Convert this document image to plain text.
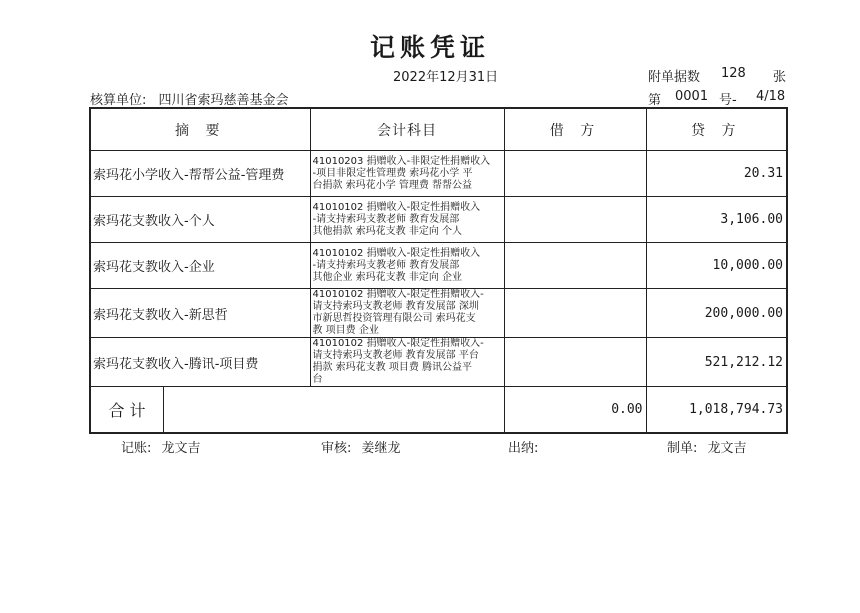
记账凭证
2022年12月31日	附单据数 128 张
核算单位: 四川省索玛慈善基金会	第 0001 号- 4/18
摘 要	会计科目	借 方	贷 方
索玛花小学收入-帮帮公益-管理费	41010203 捐赠收入-非限定性捐赠收入
-项目非限定性管理费 索玛花小学 平
台捐款 索玛花小学 管理费 帮帮公益		20.31
索玛花支教收入-个人	41010102 捐赠收入-限定性捐赠收入
-请支持索玛支教老师 教育发展部
其他捐款 索玛花支教 非定向 个人		3,106.00
索玛花支教收入-企业	41010102 捐赠收入-限定性捐赠收入
-请支持索玛支教老师 教育发展部
其他企业 索玛花支教 非定向 企业		10,000.00
索玛花支教收入-新思哲	41010102 捐赠收入-限定性捐赠收入-
请支持索玛支教老师 教育发展部 深圳
市新思哲投资管理有限公司 索玛花支
教 项目费 企业		200,000.00
索玛花支教收入-腾讯-项目费	41010102 捐赠收入-限定性捐赠收入-
请支持索玛支教老师 教育发展部 平台
捐款 索玛花支教 项目费 腾讯公益平
台		521,212.12

合 计		0.00	1,018,794.73
记账: 龙文吉	审核: 姜继龙	出纳:	制单: 龙文吉
